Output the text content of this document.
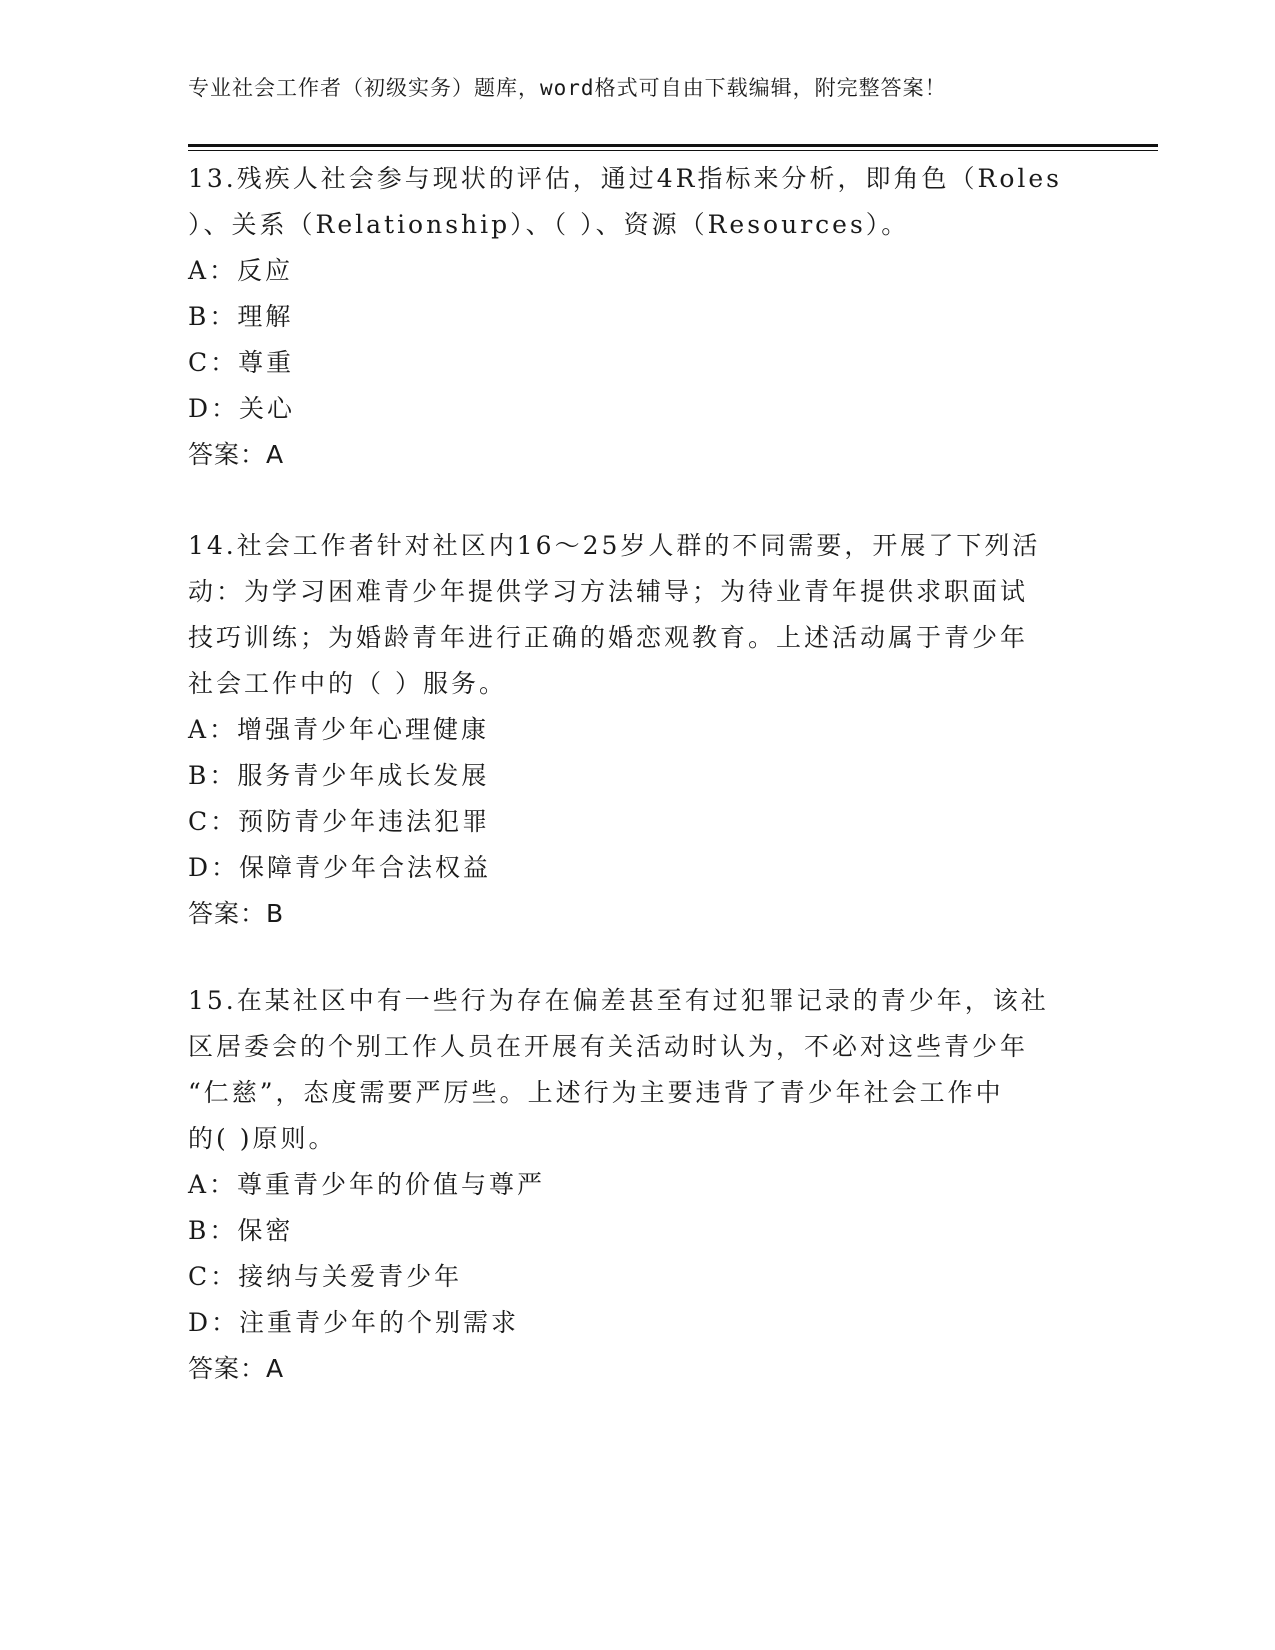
专业社会工作者（初级实务）题库，word格式可自由下载编辑，附完整答案！
13.残疾人社会参与现状的评估，通过4R指标来分析，即角色（Roles
）、关系（Relationship）、（ ）、资源（Resources）。
A：反应
B：理解
C：尊重
D：关心
答案：A
14.社会工作者针对社区内16～25岁人群的不同需要，开展了下列活
动：为学习困难青少年提供学习方法辅导；为待业青年提供求职面试
技巧训练；为婚龄青年进行正确的婚恋观教育。上述活动属于青少年
社会工作中的（ ）服务。
A：增强青少年心理健康
B：服务青少年成长发展
C：预防青少年违法犯罪
D：保障青少年合法权益
答案：B
15.在某社区中有一些行为存在偏差甚至有过犯罪记录的青少年，该社
区居委会的个别工作人员在开展有关活动时认为，不必对这些青少年
“仁慈”，态度需要严厉些。上述行为主要违背了青少年社会工作中
的( )原则。
A：尊重青少年的价值与尊严
B：保密
C：接纳与关爱青少年
D：注重青少年的个别需求
答案：A
